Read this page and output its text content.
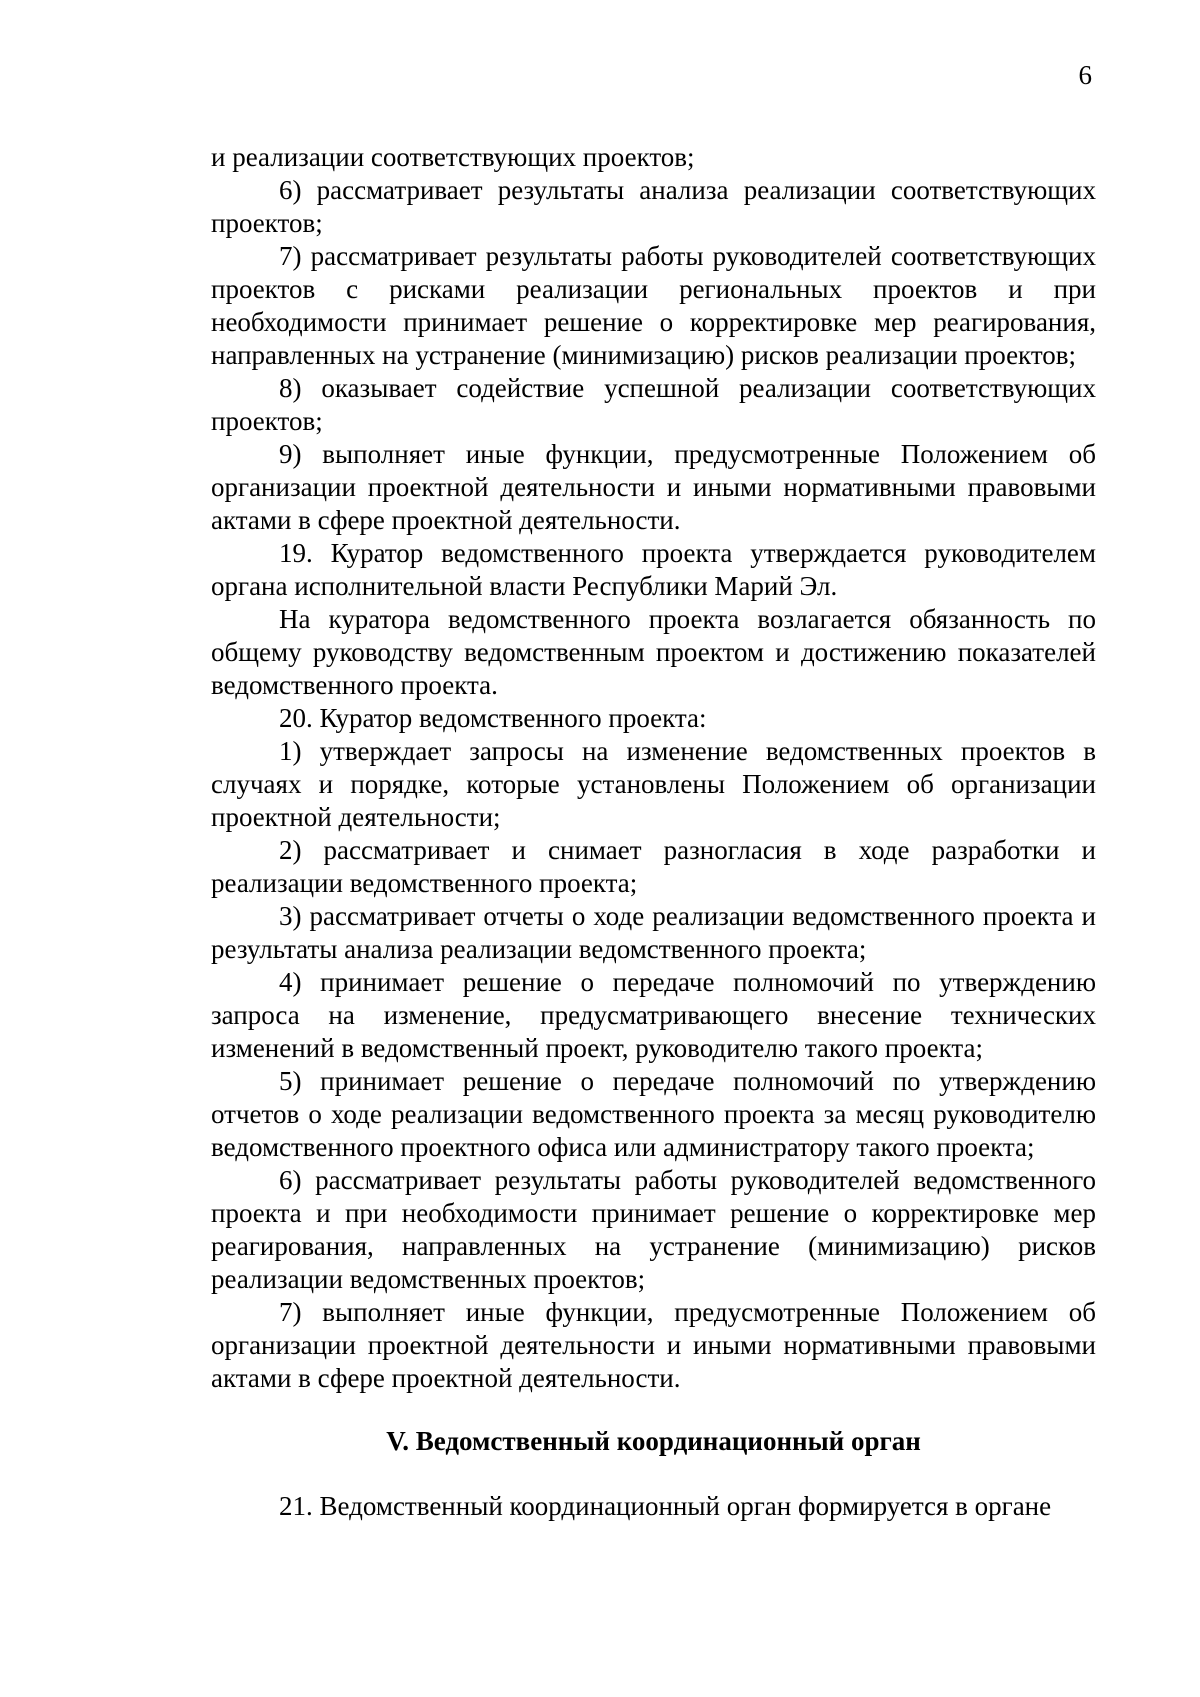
6

и реализации соответствующих проектов;

6) рассматривает результаты анализа реализации соответствующих проектов;

7) рассматривает результаты работы руководителей соответствующих проектов с рисками реализации региональных проектов и при необходимости принимает решение о корректировке мер реагирования, направленных на устранение (минимизацию) рисков реализации проектов;

8) оказывает содействие успешной реализации соответствующих проектов;

9) выполняет иные функции, предусмотренные Положением об организации проектной деятельности и иными нормативными правовыми актами в сфере проектной деятельности.

19. Куратор ведомственного проекта утверждается руководителем органа исполнительной власти Республики Марий Эл.

На куратора ведомственного проекта возлагается обязанность по общему руководству ведомственным проектом и достижению показателей ведомственного проекта.

20. Куратор ведомственного проекта:

1) утверждает запросы на изменение ведомственных проектов в случаях и порядке, которые установлены Положением об организации проектной деятельности;

2) рассматривает и снимает разногласия в ходе разработки и реализации ведомственного проекта;

3) рассматривает отчеты о ходе реализации ведомственного проекта и результаты анализа реализации ведомственного проекта;

4) принимает решение о передаче полномочий по утверждению запроса на изменение, предусматривающего внесение технических изменений в ведомственный проект, руководителю такого проекта;

5) принимает решение о передаче полномочий по утверждению отчетов о ходе реализации ведомственного проекта за месяц руководителю ведомственного проектного офиса или администратору такого проекта;

6) рассматривает результаты работы руководителей ведомственного проекта и при необходимости принимает решение о корректировке мер реагирования, направленных на устранение (минимизацию) рисков реализации ведомственных проектов;

7) выполняет иные функции, предусмотренные Положением об организации проектной деятельности и иными нормативными правовыми актами в сфере проектной деятельности.

V. Ведомственный координационный орган

21. Ведомственный координационный орган формируется в органе
